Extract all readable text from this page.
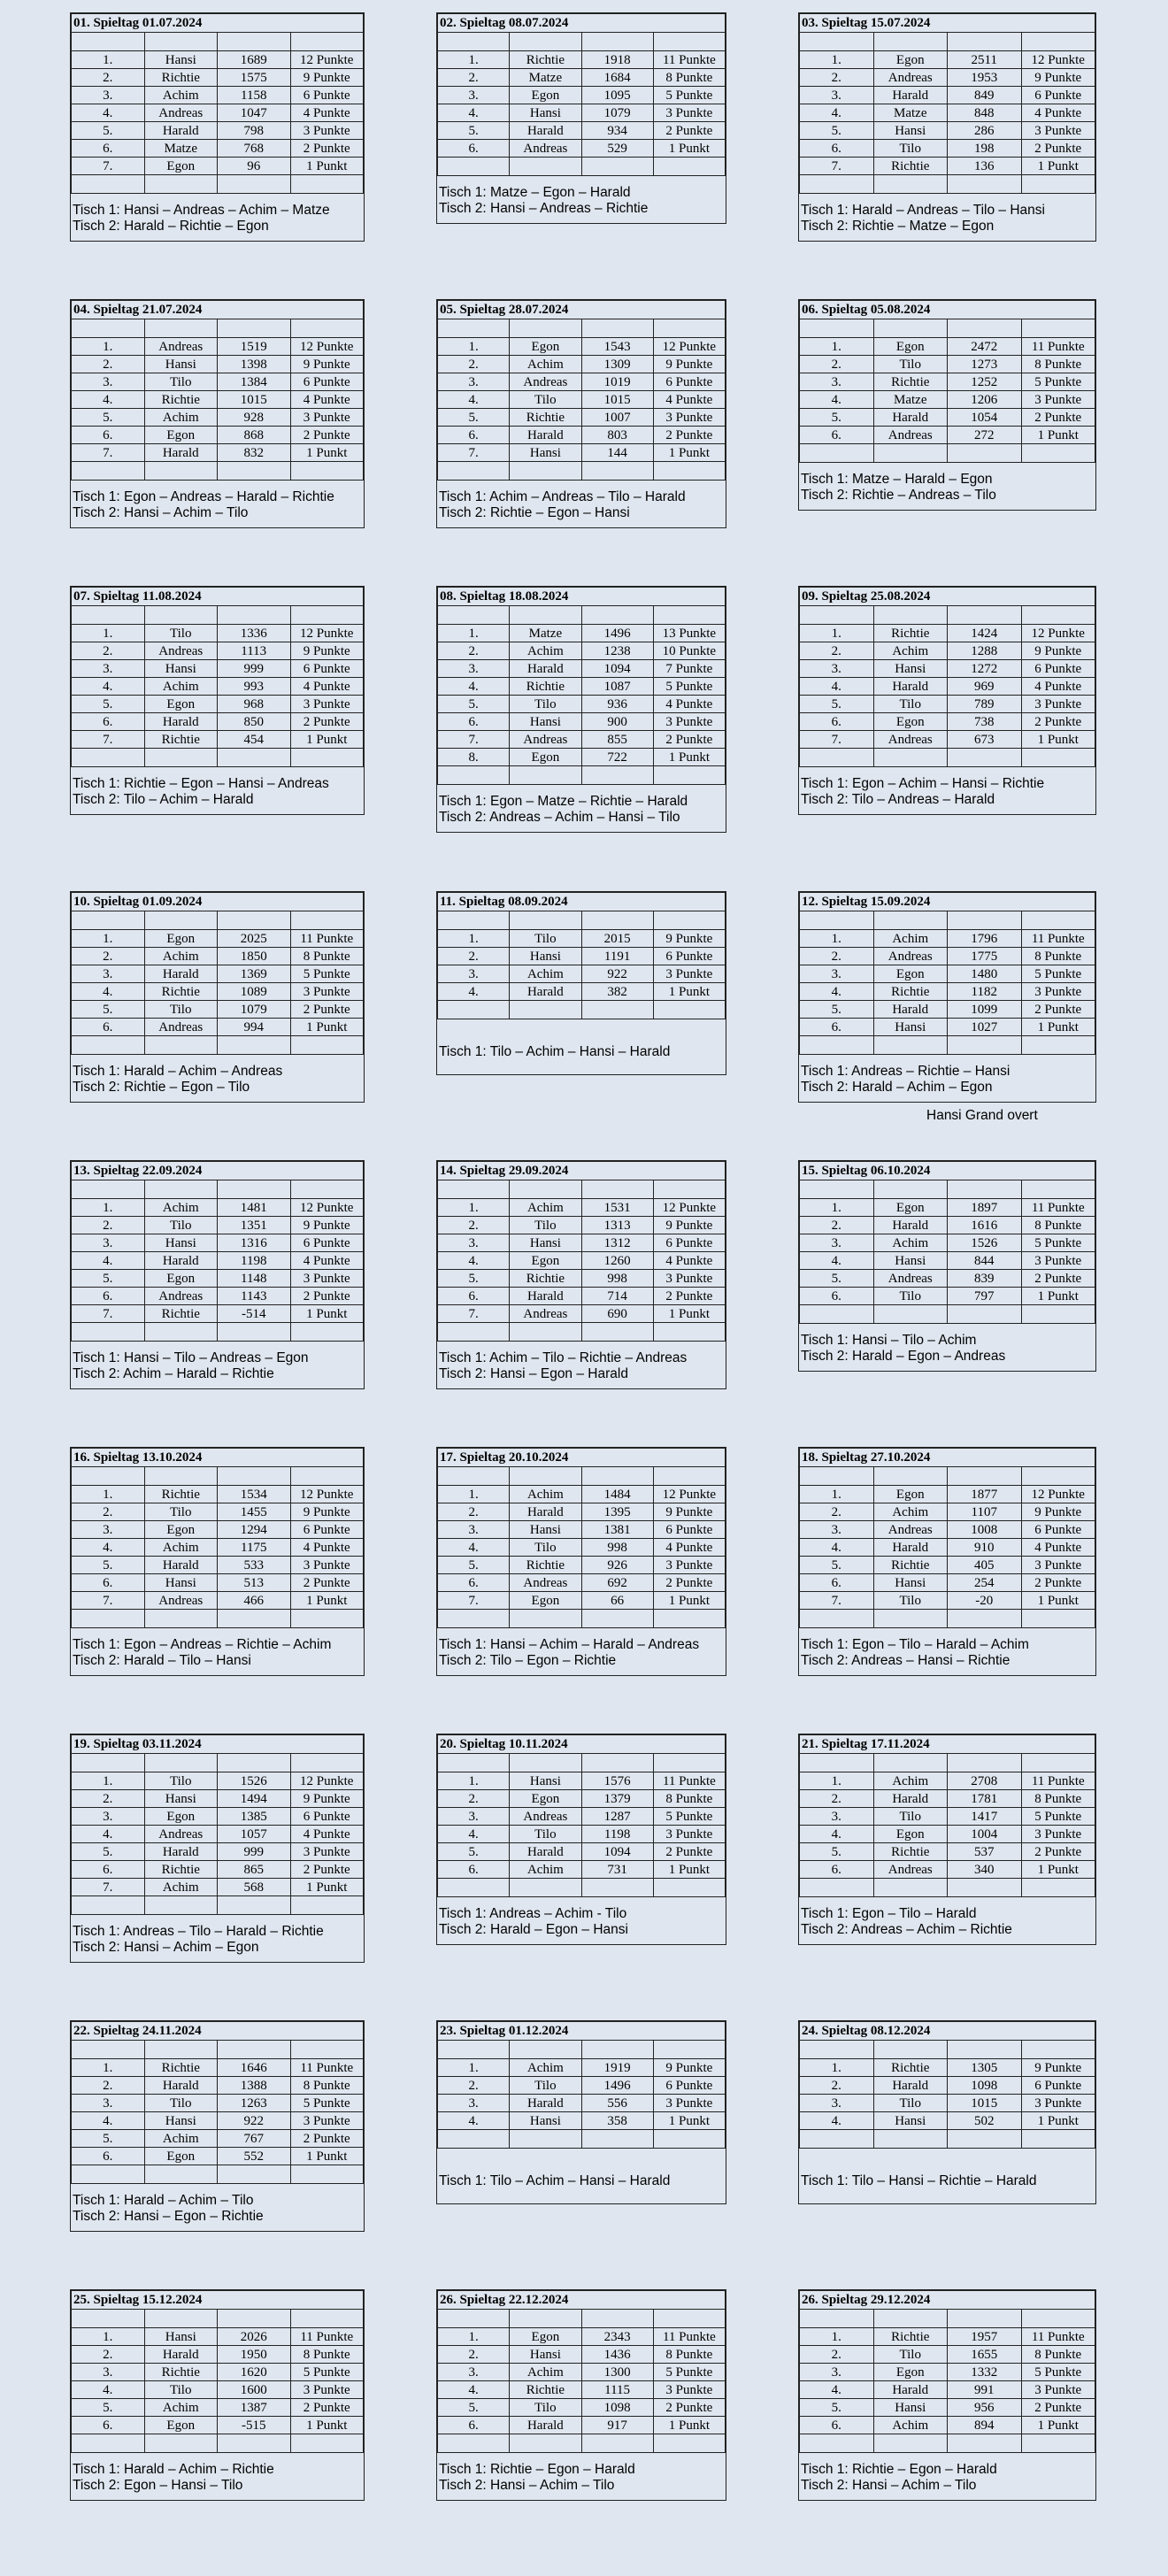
01. Spieltag 01.07.2024			

1.	Hansi	1689	12 Punkte
2.	Richtie	1575	9 Punkte
3.	Achim	1158	6 Punkte
4.	Andreas	1047	4 Punkte
5.	Harald	798	3 Punkte
6.	Matze	768	2 Punkte
7.	Egon	96	1 Punkt

Tisch 1: Hansi – Andreas – Achim – Matze
Tisch 2: Harald – Richtie – Egon
02. Spieltag 08.07.2024			

1.	Richtie	1918	11 Punkte
2.	Matze	1684	8 Punkte
3.	Egon	1095	5 Punkte
4.	Hansi	1079	3 Punkte
5.	Harald	934	2 Punkte
6.	Andreas	529	1 Punkt

Tisch 1: Matze – Egon – Harald
Tisch 2: Hansi – Andreas – Richtie
03. Spieltag 15.07.2024			

1.	Egon	2511	12 Punkte
2.	Andreas	1953	9 Punkte
3.	Harald	849	6 Punkte
4.	Matze	848	4 Punkte
5.	Hansi	286	3 Punkte
6.	Tilo	198	2 Punkte
7.	Richtie	136	1 Punkt

Tisch 1: Harald – Andreas – Tilo – Hansi
Tisch 2: Richtie – Matze – Egon
04. Spieltag 21.07.2024			

1.	Andreas	1519	12 Punkte
2.	Hansi	1398	9 Punkte
3.	Tilo	1384	6 Punkte
4.	Richtie	1015	4 Punkte
5.	Achim	928	3 Punkte
6.	Egon	868	2 Punkte
7.	Harald	832	1 Punkt

Tisch 1: Egon – Andreas – Harald – Richtie
Tisch 2: Hansi – Achim – Tilo
05. Spieltag 28.07.2024			

1.	Egon	1543	12 Punkte
2.	Achim	1309	9 Punkte
3.	Andreas	1019	6 Punkte
4.	Tilo	1015	4 Punkte
5.	Richtie	1007	3 Punkte
6.	Harald	803	2 Punkte
7.	Hansi	144	1 Punkt

Tisch 1: Achim – Andreas – Tilo – Harald
Tisch 2: Richtie – Egon – Hansi
06. Spieltag 05.08.2024			

1.	Egon	2472	11 Punkte
2.	Tilo	1273	8 Punkte
3.	Richtie	1252	5 Punkte
4.	Matze	1206	3 Punkte
5.	Harald	1054	2 Punkte
6.	Andreas	272	1 Punkt

Tisch 1: Matze – Harald – Egon
Tisch 2: Richtie – Andreas – Tilo
07. Spieltag 11.08.2024			

1.	Tilo	1336	12 Punkte
2.	Andreas	1113	9 Punkte
3.	Hansi	999	6 Punkte
4.	Achim	993	4 Punkte
5.	Egon	968	3 Punkte
6.	Harald	850	2 Punkte
7.	Richtie	454	1 Punkt

Tisch 1: Richtie – Egon – Hansi – Andreas
Tisch 2: Tilo – Achim – Harald
08. Spieltag 18.08.2024			

1.	Matze	1496	13 Punkte
2.	Achim	1238	10 Punkte
3.	Harald	1094	7 Punkte
4.	Richtie	1087	5 Punkte
5.	Tilo	936	4 Punkte
6.	Hansi	900	3 Punkte
7.	Andreas	855	2 Punkte
8.	Egon	722	1 Punkt

Tisch 1: Egon – Matze – Richtie – Harald
Tisch 2: Andreas – Achim – Hansi – Tilo
09. Spieltag 25.08.2024			

1.	Richtie	1424	12 Punkte
2.	Achim	1288	9 Punkte
3.	Hansi	1272	6 Punkte
4.	Harald	969	4 Punkte
5.	Tilo	789	3 Punkte
6.	Egon	738	2 Punkte
7.	Andreas	673	1 Punkt

Tisch 1: Egon – Achim – Hansi – Richtie
Tisch 2: Tilo – Andreas – Harald
10. Spieltag 01.09.2024			

1.	Egon	2025	11 Punkte
2.	Achim	1850	8 Punkte
3.	Harald	1369	5 Punkte
4.	Richtie	1089	3 Punkte
5.	Tilo	1079	2 Punkte
6.	Andreas	994	1 Punkt

Tisch 1: Harald – Achim – Andreas
Tisch 2: Richtie – Egon – Tilo
11. Spieltag 08.09.2024			

1.	Tilo	2015	9 Punkte
2.	Hansi	1191	6 Punkte
3.	Achim	922	3 Punkte
4.	Harald	382	1 Punkt

Tisch 1: Tilo – Achim – Hansi – Harald
12. Spieltag 15.09.2024			

1.	Achim	1796	11 Punkte
2.	Andreas	1775	8 Punkte
3.	Egon	1480	5 Punkte
4.	Richtie	1182	3 Punkte
5.	Harald	1099	2 Punkte
6.	Hansi	1027	1 Punkt

Tisch 1: Andreas – Richtie – Hansi
Tisch 2: Harald – Achim – Egon
13. Spieltag 22.09.2024			

1.	Achim	1481	12 Punkte
2.	Tilo	1351	9 Punkte
3.	Hansi	1316	6 Punkte
4.	Harald	1198	4 Punkte
5.	Egon	1148	3 Punkte
6.	Andreas	1143	2 Punkte
7.	Richtie	-514	1 Punkt

Tisch 1: Hansi – Tilo – Andreas – Egon
Tisch 2: Achim – Harald – Richtie
14. Spieltag 29.09.2024			

1.	Achim	1531	12 Punkte
2.	Tilo	1313	9 Punkte
3.	Hansi	1312	6 Punkte
4.	Egon	1260	4 Punkte
5.	Richtie	998	3 Punkte
6.	Harald	714	2 Punkte
7.	Andreas	690	1 Punkt

Tisch 1: Achim – Tilo – Richtie – Andreas
Tisch 2: Hansi – Egon – Harald
15. Spieltag 06.10.2024			

1.	Egon	1897	11 Punkte
2.	Harald	1616	8 Punkte
3.	Achim	1526	5 Punkte
4.	Hansi	844	3 Punkte
5.	Andreas	839	2 Punkte
6.	Tilo	797	1 Punkt

Tisch 1: Hansi – Tilo – Achim
Tisch 2: Harald – Egon – Andreas
16. Spieltag 13.10.2024			

1.	Richtie	1534	12 Punkte
2.	Tilo	1455	9 Punkte
3.	Egon	1294	6 Punkte
4.	Achim	1175	4 Punkte
5.	Harald	533	3 Punkte
6.	Hansi	513	2 Punkte
7.	Andreas	466	1 Punkt

Tisch 1: Egon – Andreas – Richtie – Achim
Tisch 2: Harald – Tilo – Hansi
17. Spieltag 20.10.2024			

1.	Achim	1484	12 Punkte
2.	Harald	1395	9 Punkte
3.	Hansi	1381	6 Punkte
4.	Tilo	998	4 Punkte
5.	Richtie	926	3 Punkte
6.	Andreas	692	2 Punkte
7.	Egon	66	1 Punkt

Tisch 1: Hansi – Achim – Harald – Andreas
Tisch 2: Tilo – Egon – Richtie
18. Spieltag 27.10.2024			

1.	Egon	1877	12 Punkte
2.	Achim	1107	9 Punkte
3.	Andreas	1008	6 Punkte
4.	Harald	910	4 Punkte
5.	Richtie	405	3 Punkte
6.	Hansi	254	2 Punkte
7.	Tilo	-20	1 Punkt

Tisch 1: Egon – Tilo – Harald – Achim
Tisch 2: Andreas – Hansi – Richtie
19. Spieltag 03.11.2024			

1.	Tilo	1526	12 Punkte
2.	Hansi	1494	9 Punkte
3.	Egon	1385	6 Punkte
4.	Andreas	1057	4 Punkte
5.	Harald	999	3 Punkte
6.	Richtie	865	2 Punkte
7.	Achim	568	1 Punkt

Tisch 1: Andreas – Tilo – Harald – Richtie
Tisch 2: Hansi – Achim – Egon
20. Spieltag 10.11.2024			

1.	Hansi	1576	11 Punkte
2.	Egon	1379	8 Punkte
3.	Andreas	1287	5 Punkte
4.	Tilo	1198	3 Punkte
5.	Harald	1094	2 Punkte
6.	Achim	731	1 Punkt

Tisch 1: Andreas – Achim - Tilo
Tisch 2: Harald – Egon – Hansi
21. Spieltag 17.11.2024			

1.	Achim	2708	11 Punkte
2.	Harald	1781	8 Punkte
3.	Tilo	1417	5 Punkte
4.	Egon	1004	3 Punkte
5.	Richtie	537	2 Punkte
6.	Andreas	340	1 Punkt

Tisch 1: Egon – Tilo – Harald
Tisch 2: Andreas – Achim – Richtie
22. Spieltag 24.11.2024			

1.	Richtie	1646	11 Punkte
2.	Harald	1388	8 Punkte
3.	Tilo	1263	5 Punkte
4.	Hansi	922	3 Punkte
5.	Achim	767	2 Punkte
6.	Egon	552	1 Punkt

Tisch 1: Harald – Achim – Tilo
Tisch 2: Hansi – Egon – Richtie
23. Spieltag 01.12.2024			

1.	Achim	1919	9 Punkte
2.	Tilo	1496	6 Punkte
3.	Harald	556	3 Punkte
4.	Hansi	358	1 Punkt

Tisch 1: Tilo – Achim – Hansi – Harald
24. Spieltag 08.12.2024			

1.	Richtie	1305	9 Punkte
2.	Harald	1098	6 Punkte
3.	Tilo	1015	3 Punkte
4.	Hansi	502	1 Punkt

Tisch 1: Tilo – Hansi – Richtie – Harald
25. Spieltag 15.12.2024			

1.	Hansi	2026	11 Punkte
2.	Harald	1950	8 Punkte
3.	Richtie	1620	5 Punkte
4.	Tilo	1600	3 Punkte
5.	Achim	1387	2 Punkte
6.	Egon	-515	1 Punkt

Tisch 1: Harald – Achim – Richtie
Tisch 2: Egon – Hansi – Tilo
26. Spieltag 22.12.2024			

1.	Egon	2343	11 Punkte
2.	Hansi	1436	8 Punkte
3.	Achim	1300	5 Punkte
4.	Richtie	1115	3 Punkte
5.	Tilo	1098	2 Punkte
6.	Harald	917	1 Punkt

Tisch 1: Richtie – Egon – Harald
Tisch 2: Hansi – Achim – Tilo
26. Spieltag 29.12.2024			

1.	Richtie	1957	11 Punkte
2.	Tilo	1655	8 Punkte
3.	Egon	1332	5 Punkte
4.	Harald	991	3 Punkte
5.	Hansi	956	2 Punkte
6.	Achim	894	1 Punkt

Tisch 1: Richtie – Egon – Harald
Tisch 2: Hansi – Achim – Tilo
Hansi Grand overt
